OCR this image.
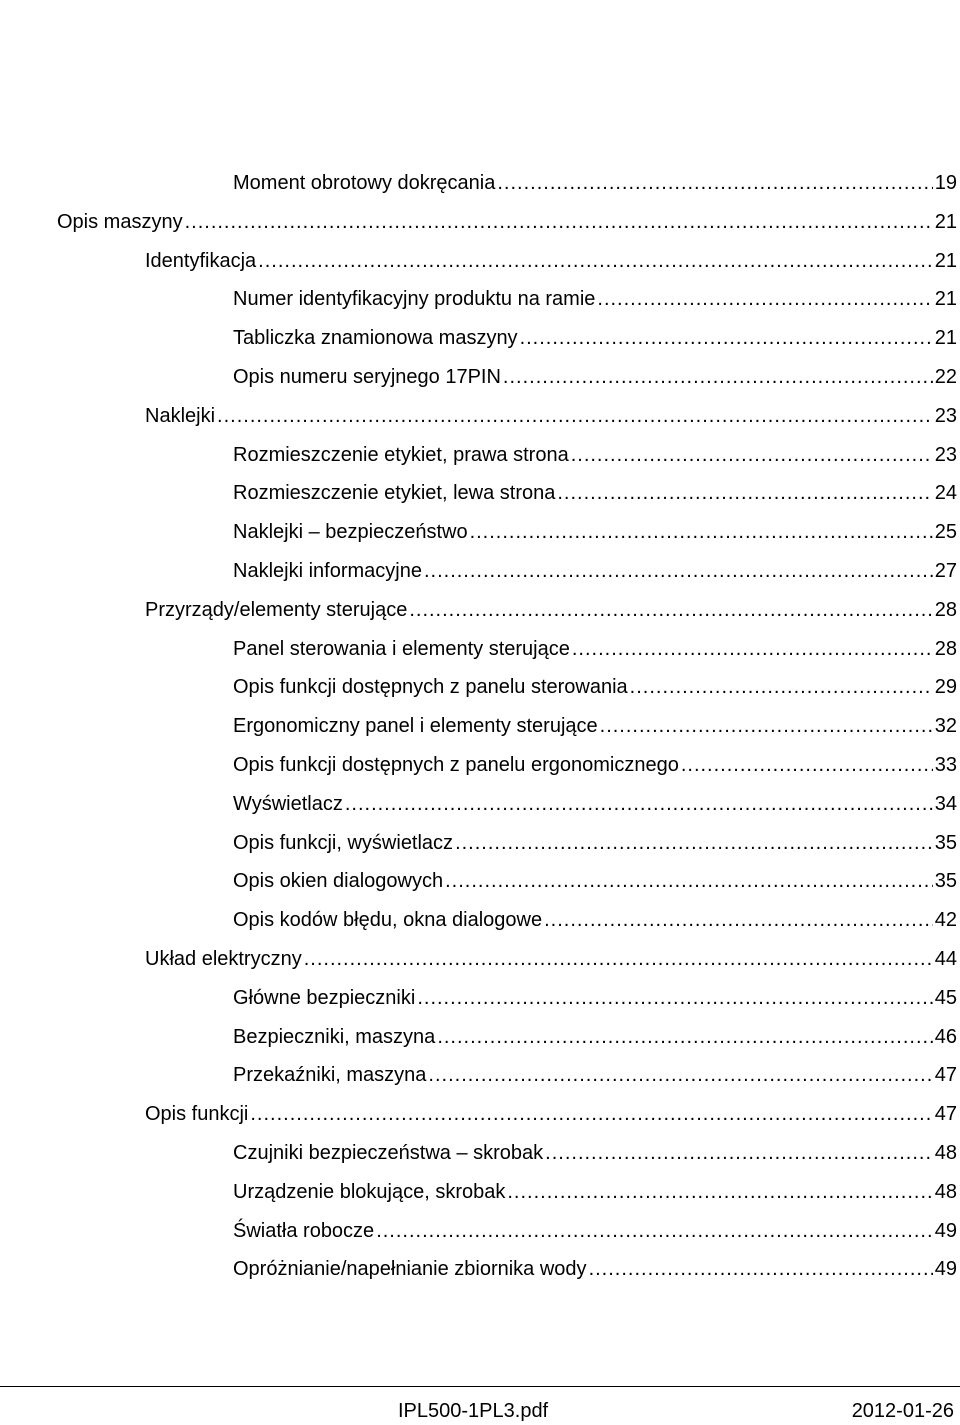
Moment obrotowy dokręcania .....	19
Opis maszyny .....	21
Identyfikacja .....	21
Numer identyfikacyjny produktu na ramie .....	21
Tabliczka znamionowa maszyny .....	21
Opis numeru seryjnego 17PIN .....	22
Naklejki .....	23
Rozmieszczenie etykiet, prawa strona .....	23
Rozmieszczenie etykiet, lewa strona .....	24
Naklejki – bezpieczeństwo .....	25
Naklejki informacyjne .....	27
Przyrządy/elementy sterujące .....	28
Panel sterowania i elementy sterujące .....	28
Opis funkcji dostępnych z panelu sterowania .....	29
Ergonomiczny panel i elementy sterujące .....	32
Opis funkcji dostępnych z panelu ergonomicznego .....	33
Wyświetlacz .....	34
Opis funkcji, wyświetlacz .....	35
Opis okien dialogowych .....	35
Opis kodów błędu, okna dialogowe .....	42
Układ elektryczny .....	44
Główne bezpieczniki .....	45
Bezpieczniki, maszyna .....	46
Przekaźniki, maszyna .....	47
Opis funkcji .....	47
Czujniki bezpieczeństwa – skrobak .....	48
Urządzenie blokujące, skrobak .....	48
Światła robocze .....	49
Opróżnianie/napełnianie zbiornika wody .....	49
IPL500-1PL3.pdf	2012-01-26
